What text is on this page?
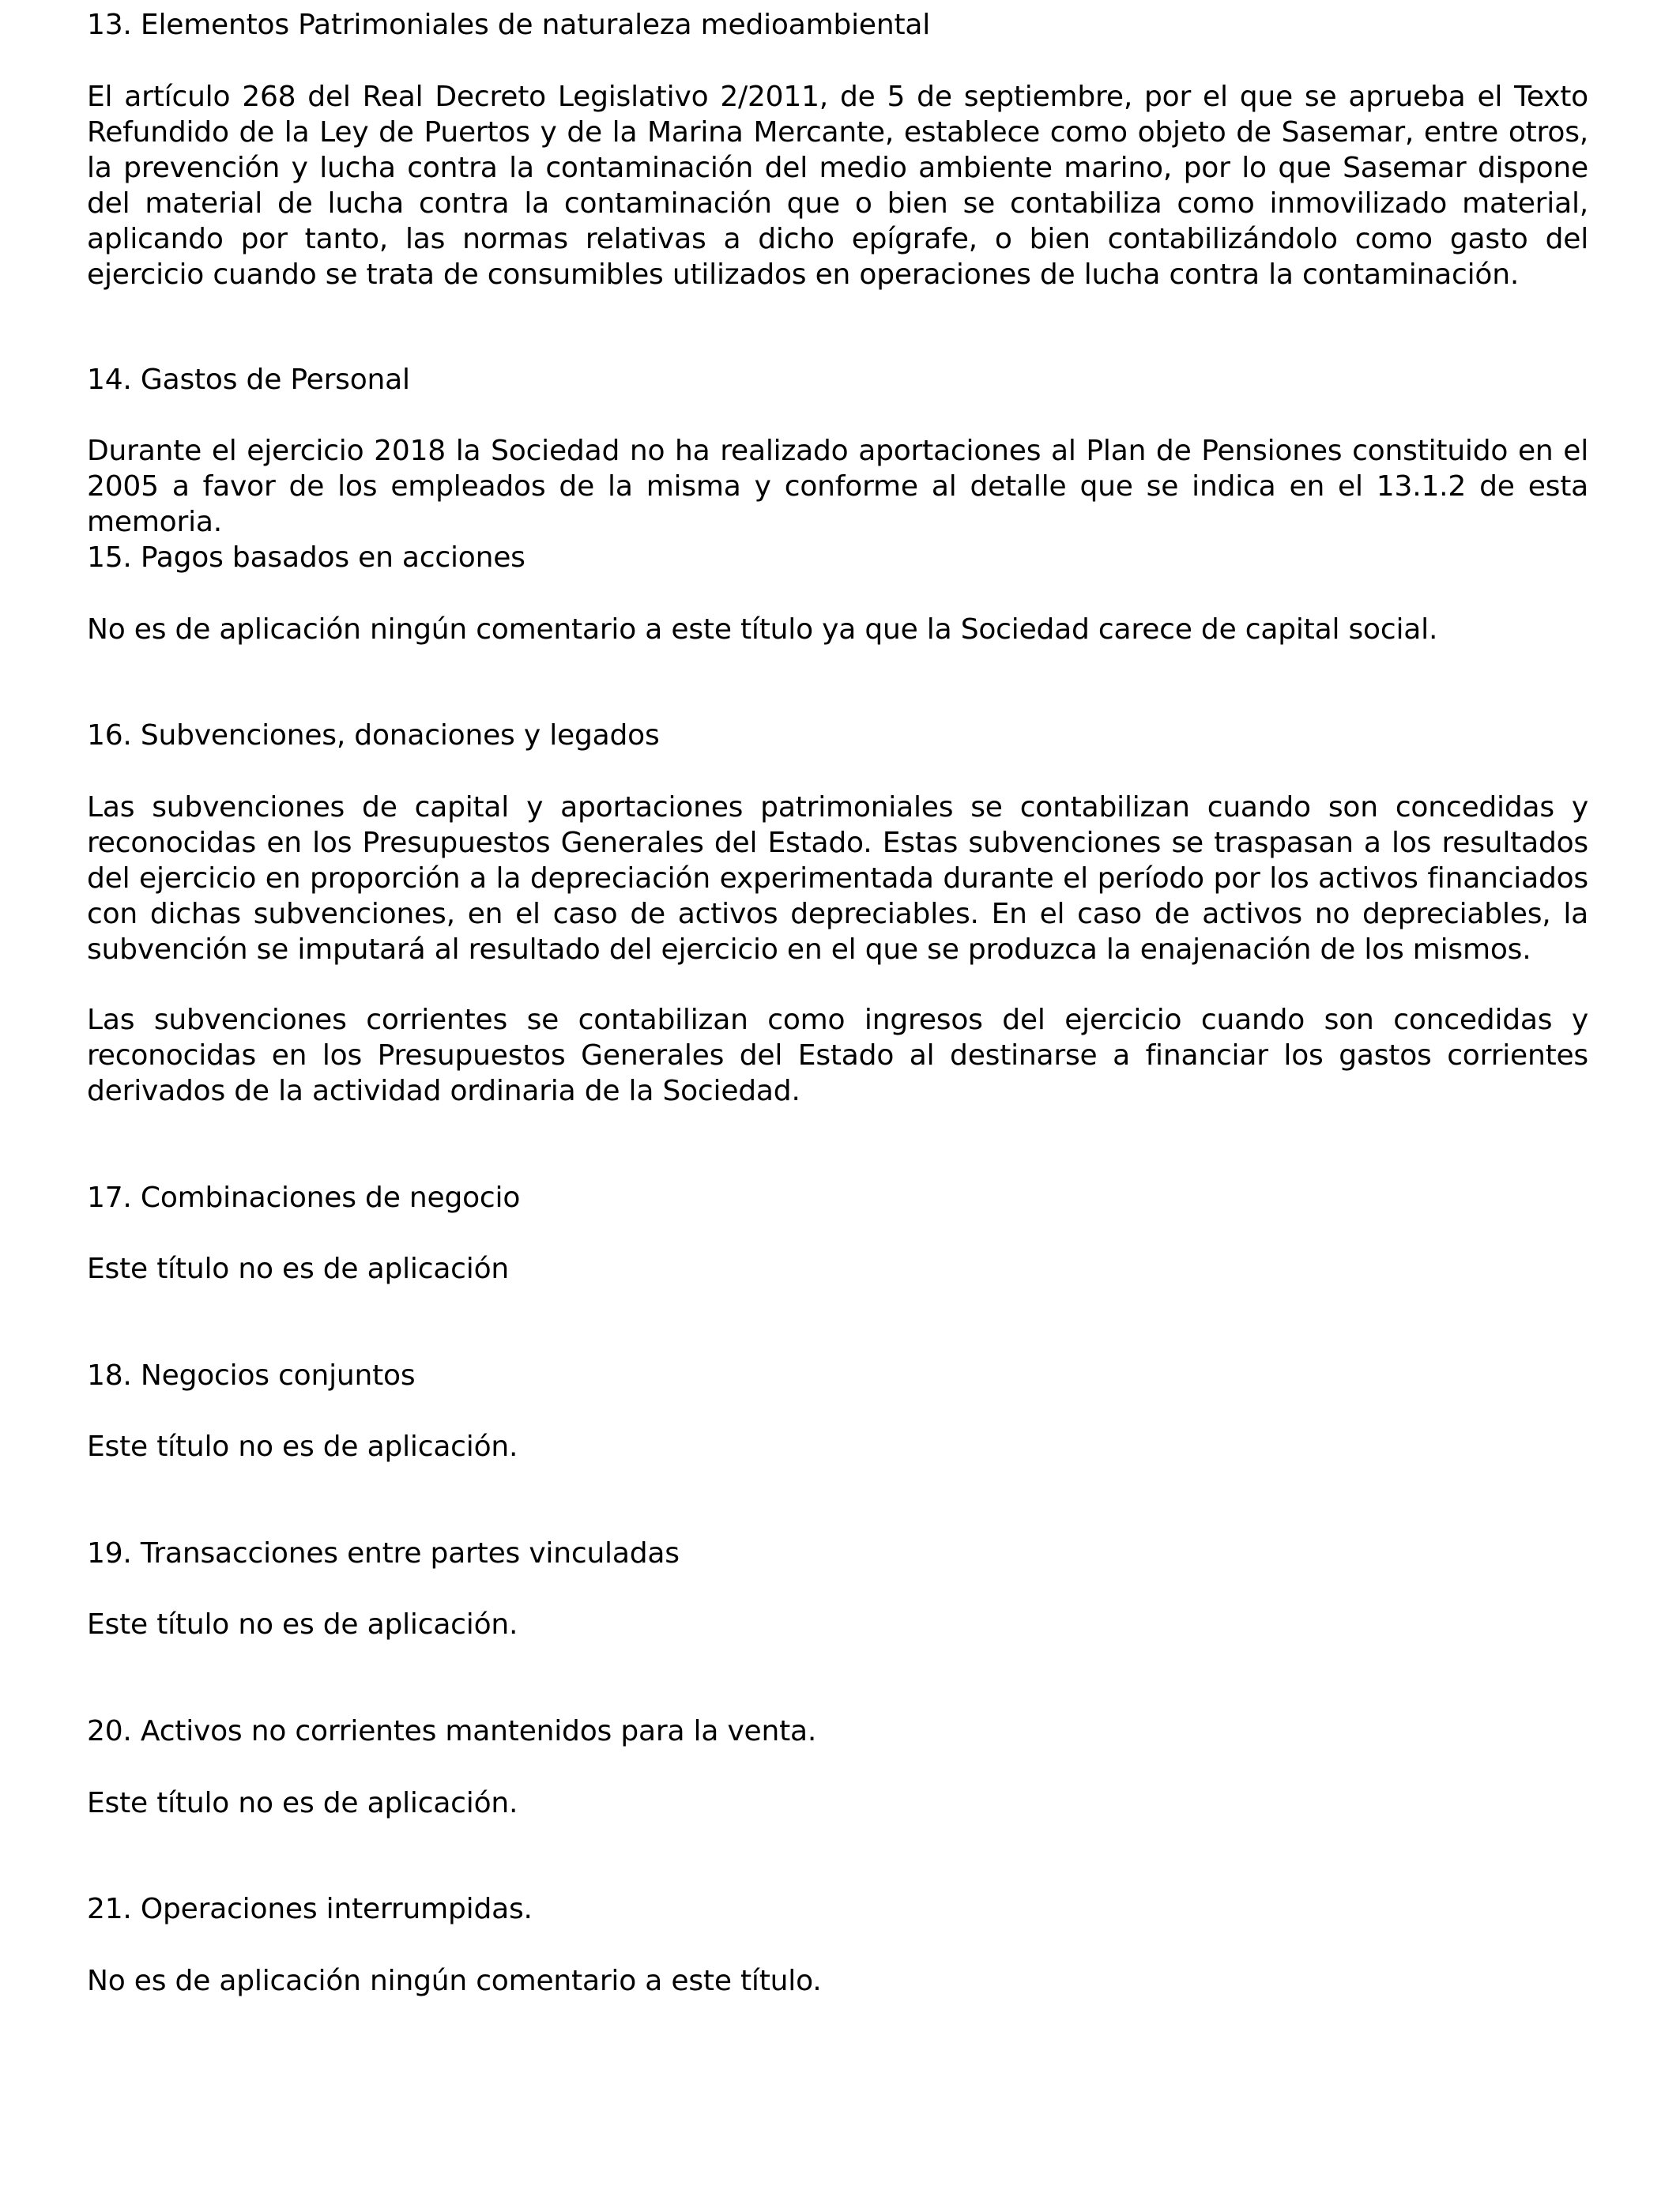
13. Elementos Patrimoniales de naturaleza medioambiental

El artículo 268 del Real Decreto Legislativo 2/2011, de 5 de septiembre, por el que se aprueba el Texto Refundido de la Ley de Puertos y de la Marina Mercante, establece como objeto de Sasemar, entre otros, la prevención y lucha contra la contaminación del medio ambiente marino, por lo que Sasemar dispone del material de lucha contra la contaminación que o bien se contabiliza como inmovilizado material, aplicando por tanto, las normas relativas a dicho epígrafe, o bien contabilizándolo como gasto del ejercicio cuando se trata de consumibles utilizados en operaciones de lucha contra la contaminación.

14. Gastos de Personal

Durante el ejercicio 2018 la Sociedad no ha realizado aportaciones al Plan de Pensiones constituido en el 2005 a favor de los empleados de la misma y conforme al detalle que se indica en el 13.1.2 de esta memoria.

15. Pagos basados en acciones

No es de aplicación ningún comentario a este título ya que la Sociedad carece de capital social.

16. Subvenciones, donaciones y legados

Las subvenciones de capital y aportaciones patrimoniales se contabilizan cuando son concedidas y reconocidas en los Presupuestos Generales del Estado. Estas subvenciones se traspasan a los resultados del ejercicio en proporción a la depreciación experimentada durante el período por los activos financiados con dichas subvenciones, en el caso de activos depreciables. En el caso de activos no depreciables, la subvención se imputará al resultado del ejercicio en el que se produzca la enajenación de los mismos.

Las subvenciones corrientes se contabilizan como ingresos del ejercicio cuando son concedidas y reconocidas en los Presupuestos Generales del Estado al destinarse a financiar los gastos corrientes derivados de la actividad ordinaria de la Sociedad.

17. Combinaciones de negocio

Este título no es de aplicación

18. Negocios conjuntos

Este título no es de aplicación.

19. Transacciones entre partes vinculadas

Este título no es de aplicación.

20. Activos no corrientes mantenidos para la venta.

Este título no es de aplicación.

21. Operaciones interrumpidas.

No es de aplicación ningún comentario a este título.
